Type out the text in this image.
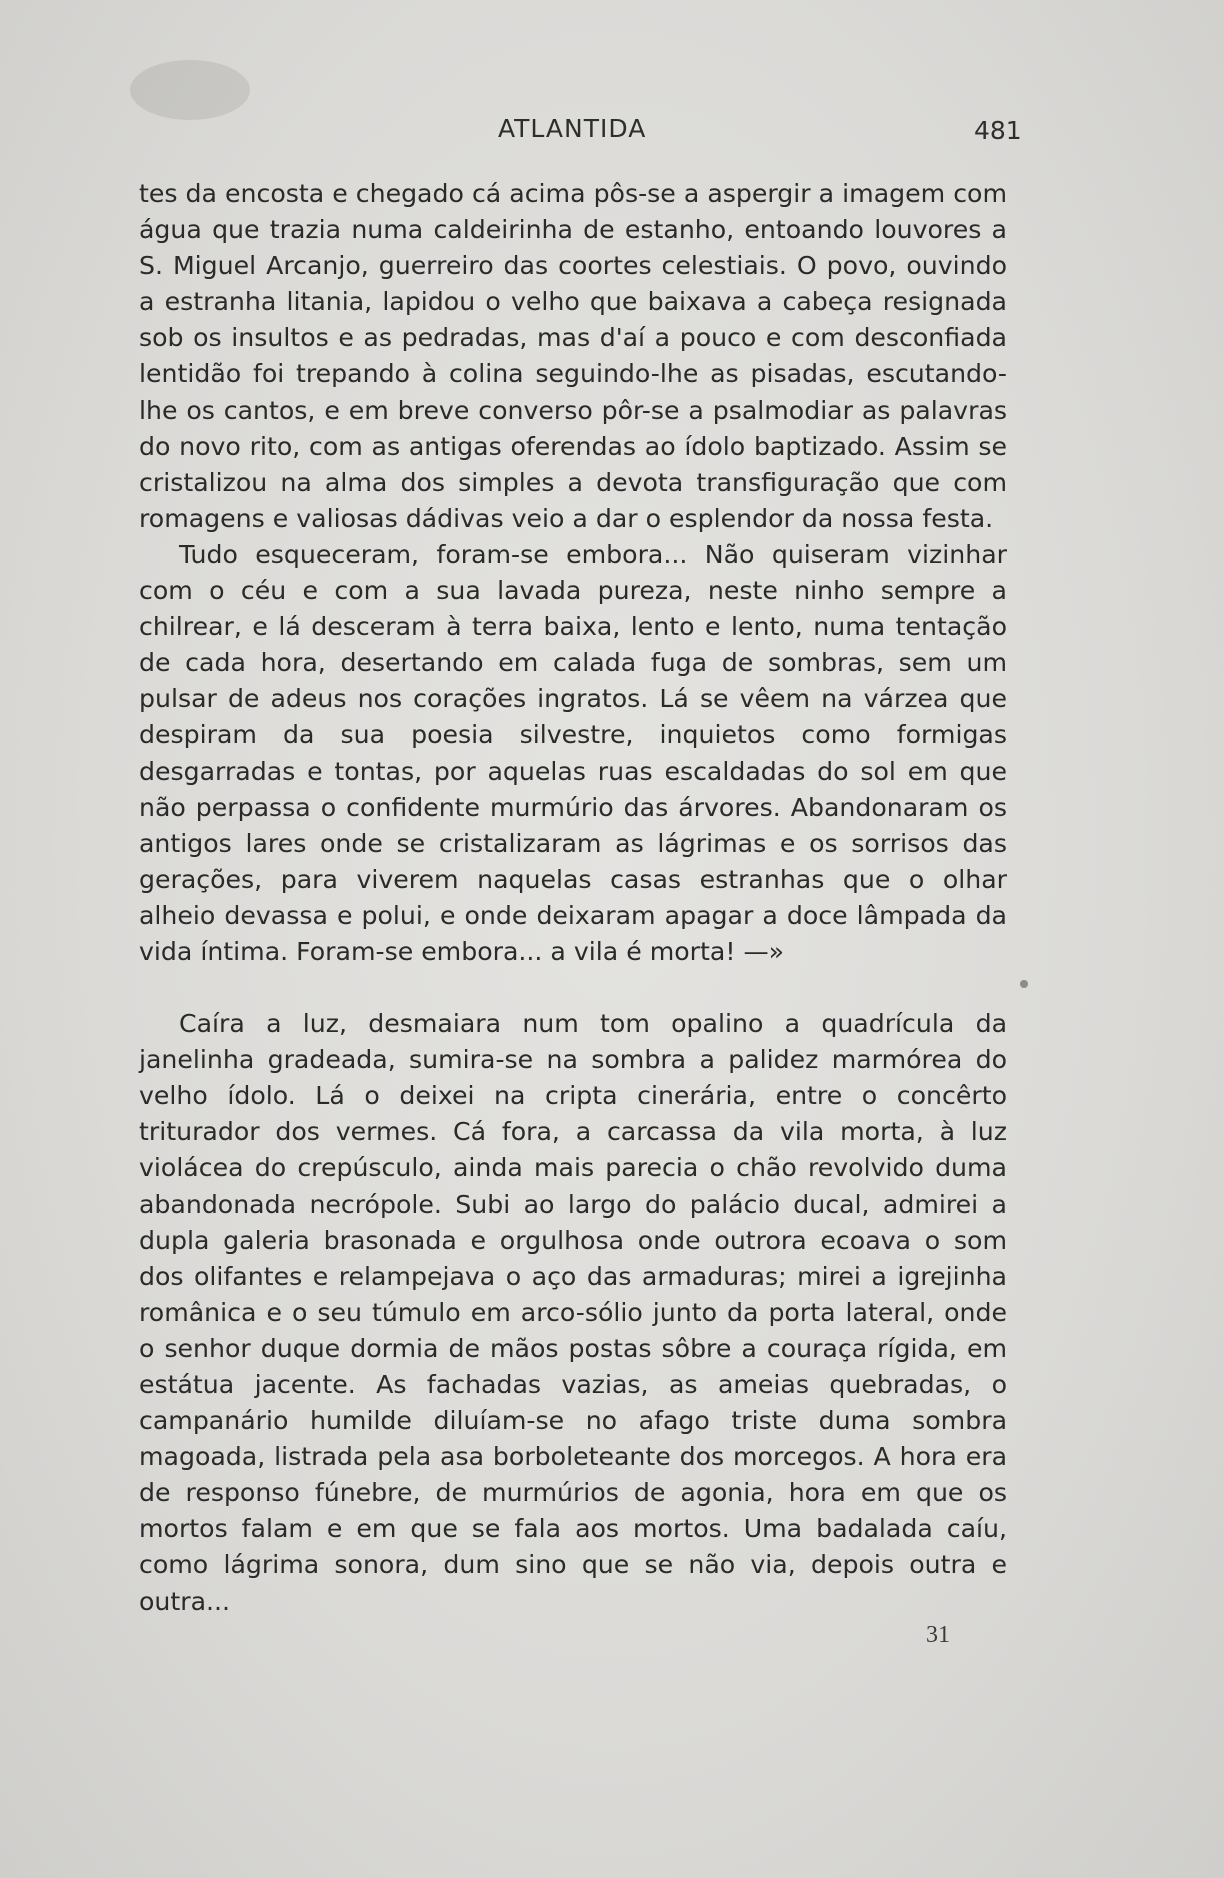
ATLANTIDA	481

tes da encosta e chegado cá acima pôs-se a aspergir a imagem com água que trazia numa caldeirinha de estanho, entoando louvores a S. Miguel Arcanjo, guerreiro das coortes celestiais. O povo, ouvindo a estranha litania, lapidou o velho que baixava a cabeça resignada sob os insultos e as pedradas, mas d'aí a pouco e com desconfiada lentidão foi trepando à colina seguindo-lhe as pisadas, escutando-lhe os cantos, e em breve converso pôr-se a psalmodiar as palavras do novo rito, com as antigas oferendas ao ídolo baptizado. Assim se cristalizou na alma dos simples a devota transfiguração que com romagens e valiosas dádivas veio a dar o esplendor da nossa festa.

Tudo esqueceram, foram-se embora... Não quiseram vizinhar com o céu e com a sua lavada pureza, neste ninho sempre a chilrear, e lá desceram à terra baixa, lento e lento, numa tentação de cada hora, desertando em calada fuga de sombras, sem um pulsar de adeus nos corações ingratos. Lá se vêem na várzea que despiram da sua poesia silvestre, inquietos como formigas desgarradas e tontas, por aquelas ruas escaldadas do sol em que não perpassa o confidente murmúrio das árvores. Abandonaram os antigos lares onde se cristalizaram as lágrimas e os sorrisos das gerações, para viverem naquelas casas estranhas que o olhar alheio devassa e polui, e onde deixaram apagar a doce lâmpada da vida íntima. Foram-se embora... a vila é morta! —»

Caíra a luz, desmaiara num tom opalino a quadrícula da janelinha gradeada, sumira-se na sombra a palidez marmórea do velho ídolo. Lá o deixei na cripta cinerária, entre o concêrto triturador dos vermes. Cá fora, a carcassa da vila morta, à luz violácea do crepúsculo, ainda mais parecia o chão revolvido duma abandonada necrópole. Subi ao largo do palácio ducal, admirei a dupla galeria brasonada e orgulhosa onde outrora ecoava o som dos olifantes e relampejava o aço das armaduras; mirei a igrejinha românica e o seu túmulo em arco-sólio junto da porta lateral, onde o senhor duque dormia de mãos postas sôbre a couraça rígida, em estátua jacente. As fachadas vazias, as ameias quebradas, o campanário humilde diluíam-se no afago triste duma sombra magoada, listrada pela asa borboleteante dos morcegos. A hora era de responso fúnebre, de murmúrios de agonia, hora em que os mortos falam e em que se fala aos mortos. Uma badalada caíu, como lágrima sonora, dum sino que se não via, depois outra e outra...

31
